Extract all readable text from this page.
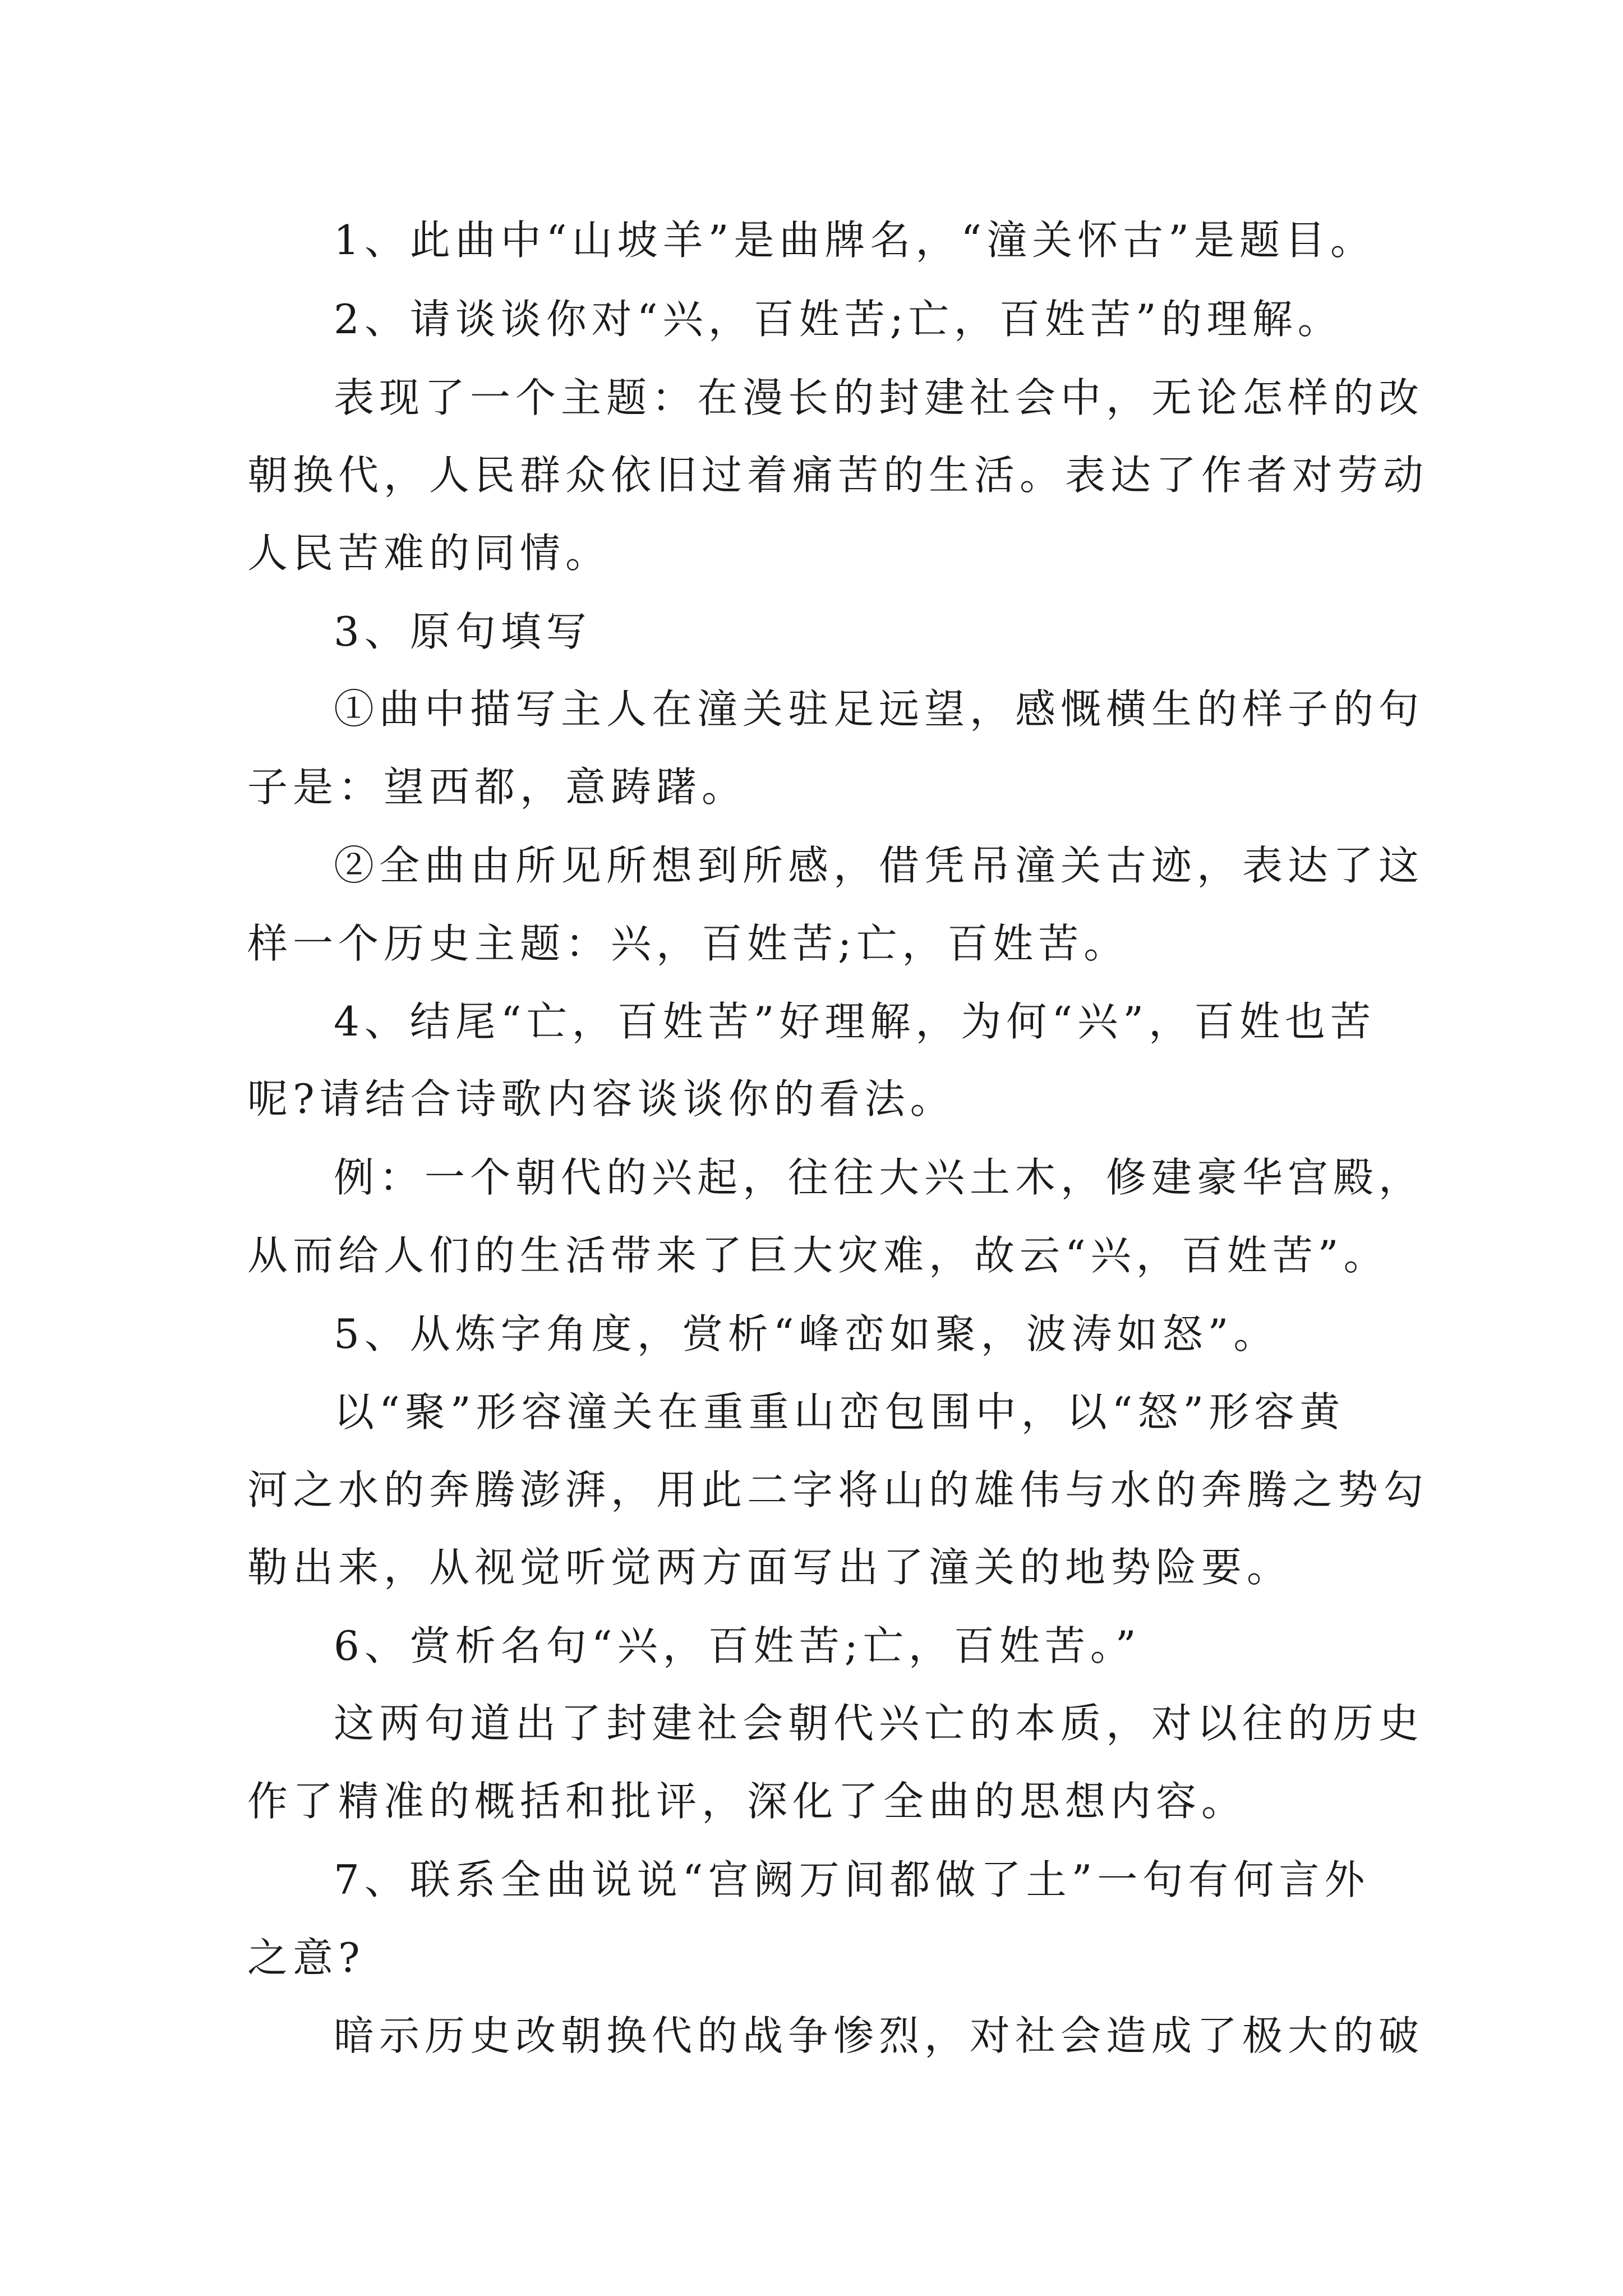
1、此曲中“山坡羊”是曲牌名，“潼关怀古”是题目。

2、请谈谈你对“兴，百姓苦;亡，百姓苦”的理解。

表现了一个主题：在漫长的封建社会中，无论怎样的改

朝换代，人民群众依旧过着痛苦的生活。表达了作者对劳动

人民苦难的同情。

3、原句填写

①曲中描写主人在潼关驻足远望，感慨横生的样子的句

子是：望西都，意踌躇。

②全曲由所见所想到所感，借凭吊潼关古迹，表达了这

样一个历史主题：兴，百姓苦;亡，百姓苦。

4、结尾“亡，百姓苦”好理解，为何“兴”，百姓也苦

呢?请结合诗歌内容谈谈你的看法。

例：一个朝代的兴起，往往大兴土木，修建豪华宫殿，

从而给人们的生活带来了巨大灾难，故云“兴，百姓苦”。

5、从炼字角度，赏析“峰峦如聚，波涛如怒”。

以“聚”形容潼关在重重山峦包围中，以“怒”形容黄

河之水的奔腾澎湃，用此二字将山的雄伟与水的奔腾之势勾

勒出来，从视觉听觉两方面写出了潼关的地势险要。

6、赏析名句“兴，百姓苦;亡，百姓苦。”

这两句道出了封建社会朝代兴亡的本质，对以往的历史

作了精准的概括和批评，深化了全曲的思想内容。

7、联系全曲说说“宫阙万间都做了土”一句有何言外

之意?

暗示历史改朝换代的战争惨烈，对社会造成了极大的破
